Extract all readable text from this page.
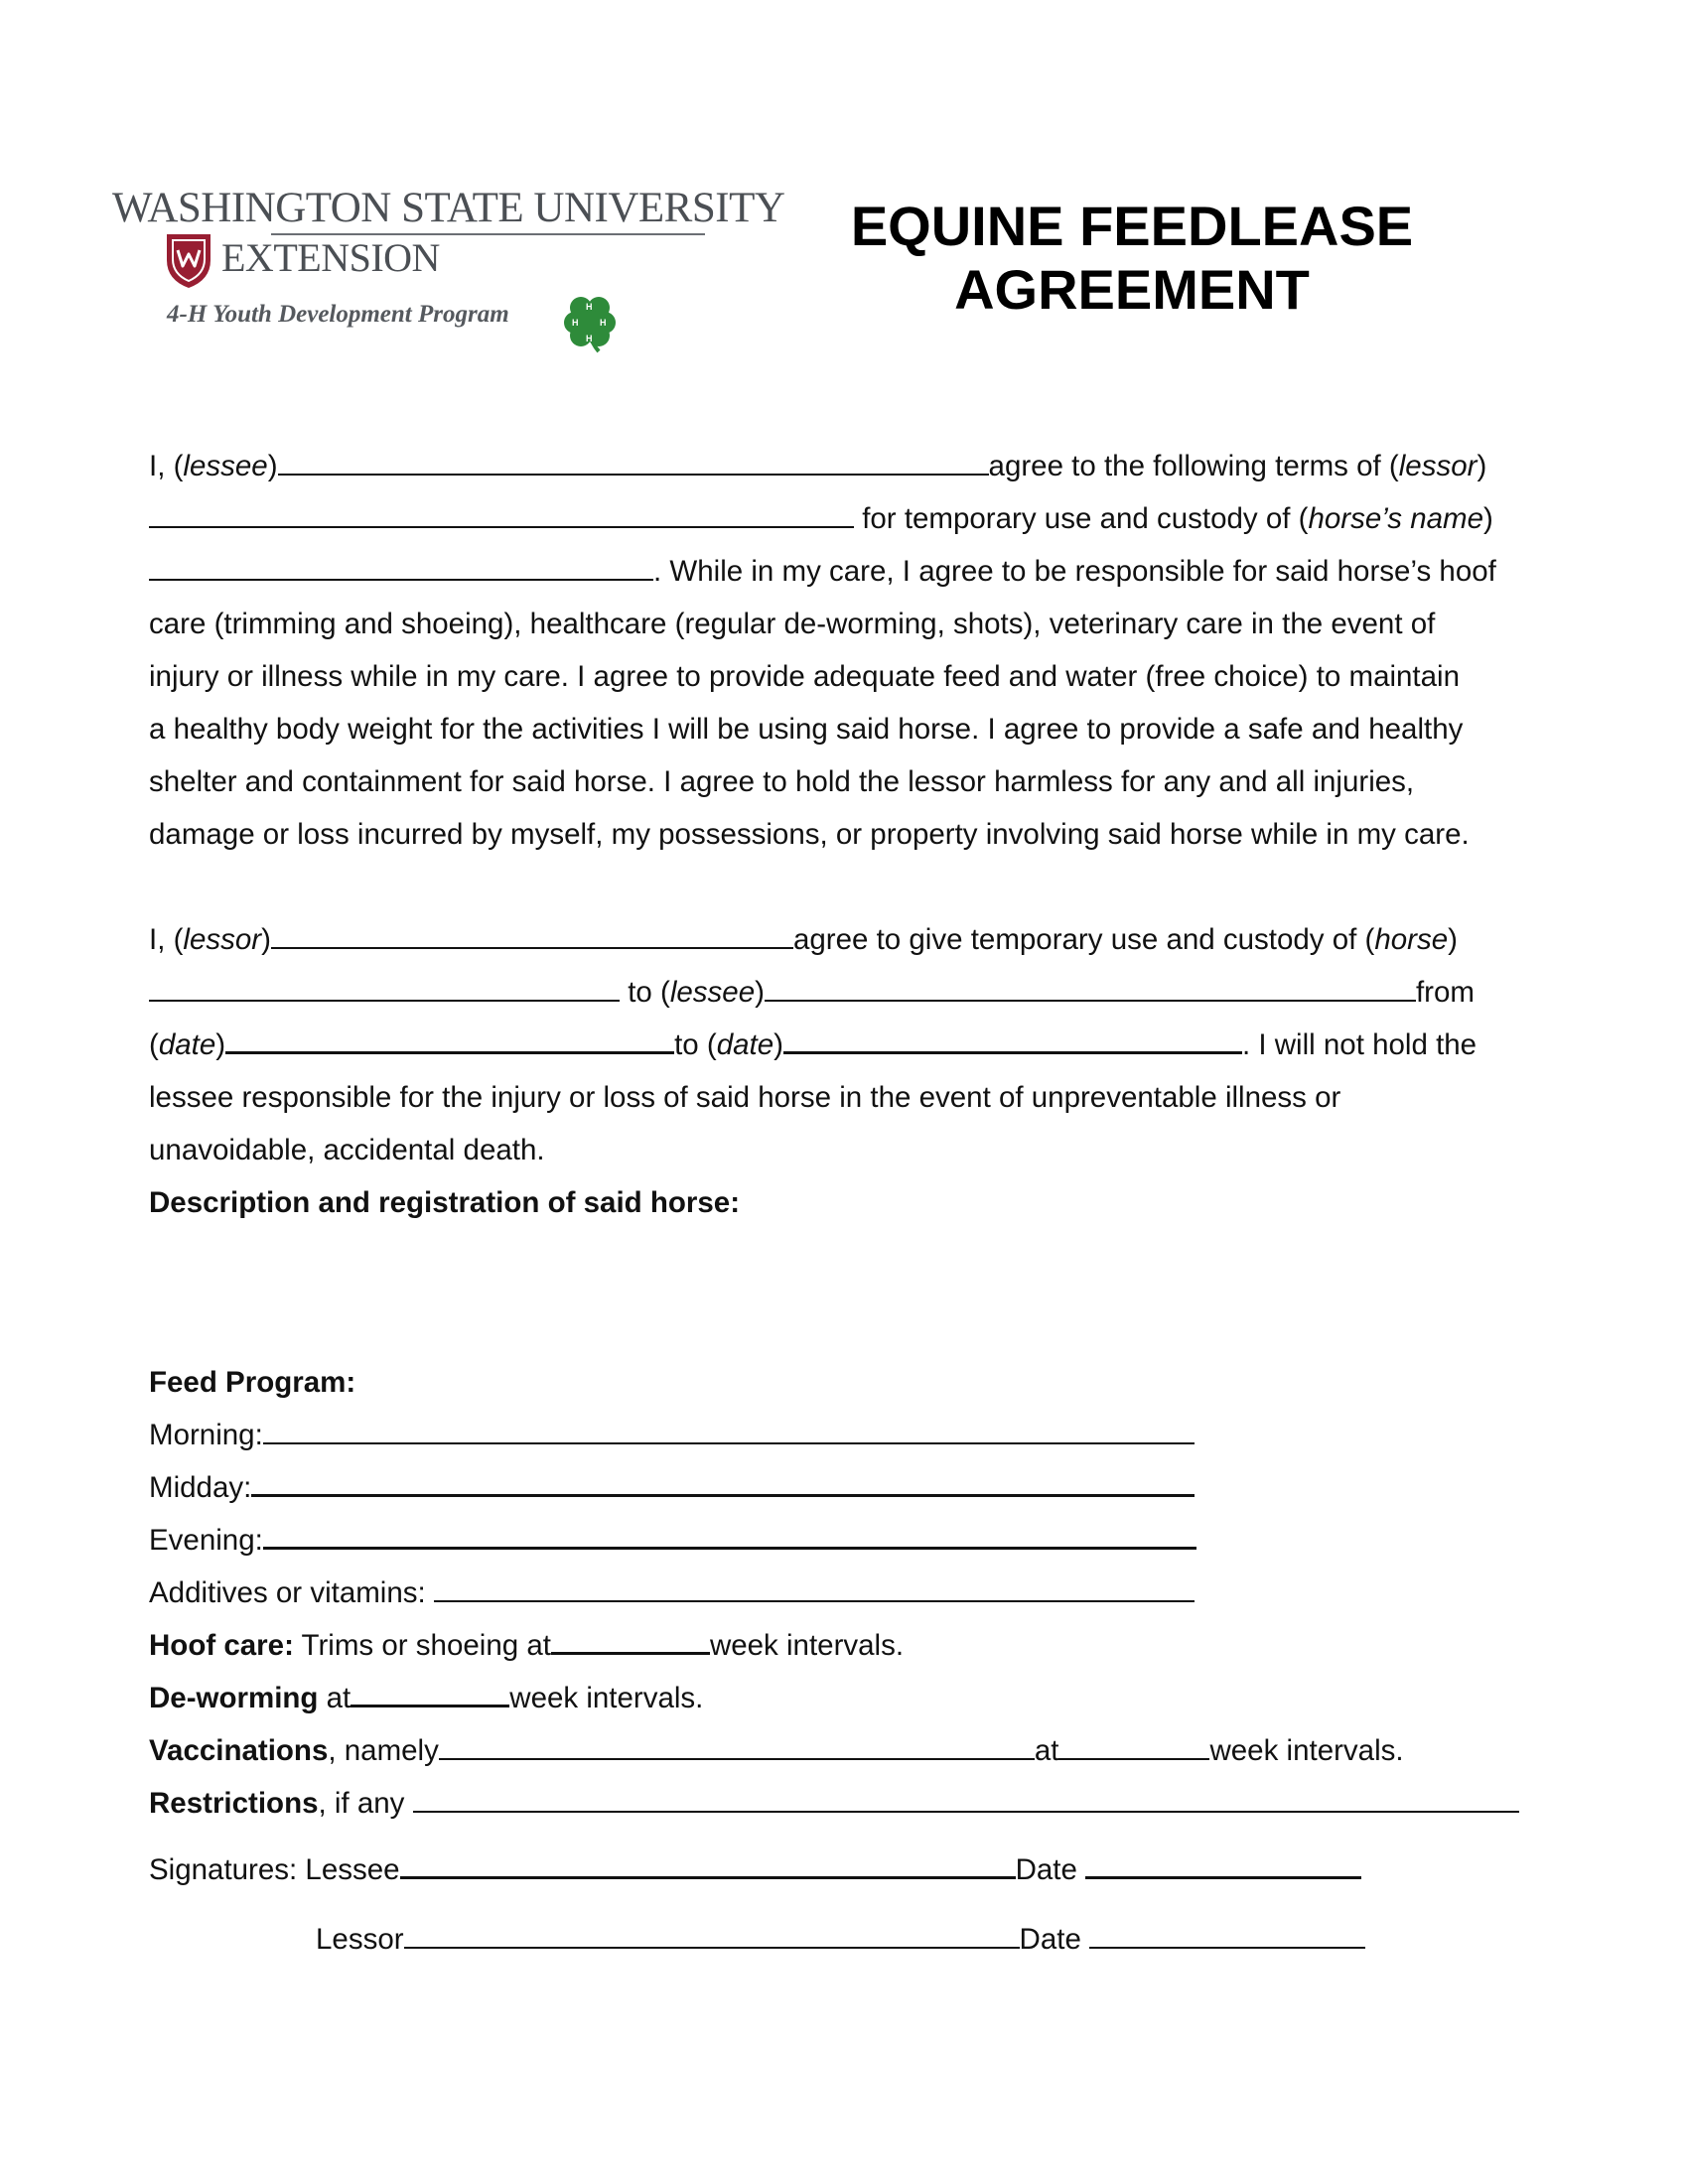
WASHINGTON STATE UNIVERSITY
EXTENSION
4-H Youth Development Program	H
H H
H
EQUINE FEEDLEASE
AGREEMENT
I, (lessee)	agree to the following terms of (lessor)
for temporary use and custody of (horse’s name)
. While in my care, I agree to be responsible for said horse’s hoof
care (trimming and shoeing), healthcare (regular de-worming, shots), veterinary care in the event of
injury or illness while in my care. I agree to provide adequate feed and water (free choice) to maintain
a healthy body weight for the activities I will be using said horse. I agree to provide a safe and healthy
shelter and containment for said horse. I agree to hold the lessor harmless for any and all injuries,
damage or loss incurred by myself, my possessions, or property involving said horse while in my care.
I, (lessor)	agree to give temporary use and custody of (horse)
to (lessee)	from
(date)	to (date)	. I will not hold the
lessee responsible for the injury or loss of said horse in the event of unpreventable illness or
unavoidable, accidental death.
Description and registration of said horse:
Feed Program:
Morning:
Midday:
Evening:
Additives or vitamins:
Hoof care: Trims or shoeing at	week intervals.
De-worming at	week intervals.
Vaccinations, namely	at	week intervals.
Restrictions, if any
Signatures: Lessee	Date
Lessor	Date
